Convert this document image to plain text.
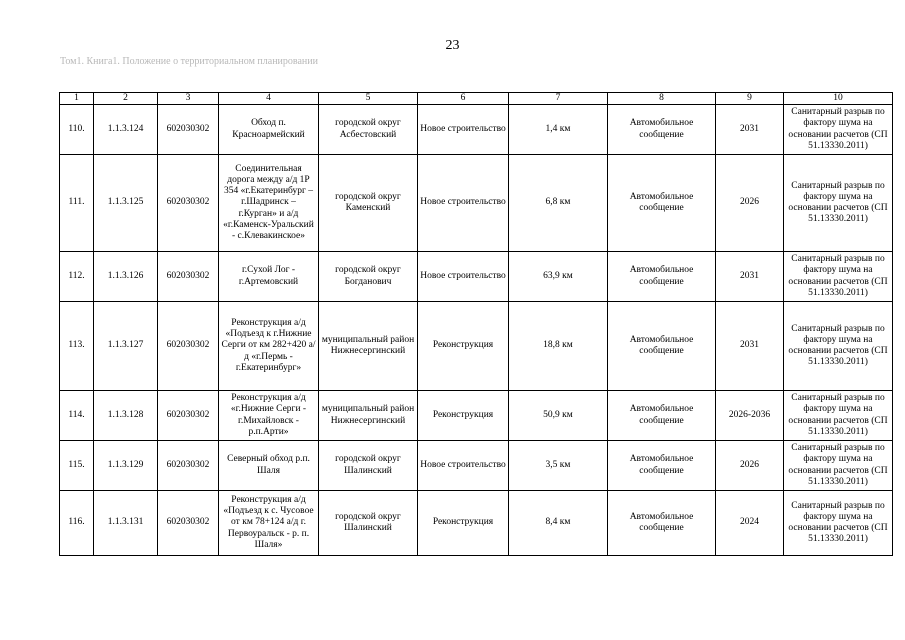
23
Том1. Книга1. Положение о территориальном планировании
1	2	3	4	5	6	7	8	9	10
110.	1.1.3.124	602030302	Обход п. Красноармейский	городской округ Асбестовский	Новое строительство	1,4 км	Автомобильное сообщение	2031	Санитарный разрыв по фактору шума на основании расчетов (СП 51.13330.2011)
111.	1.1.3.125	602030302	Соединительная дорога между а/д 1Р 354 «г.Екатеринбург – г.Шадринск – г.Курган» и а/д «г.Каменск-Уральский - с.Клевакинское»	городской округ Каменский	Новое строительство	6,8 км	Автомобильное сообщение	2026	Санитарный разрыв по фактору шума на основании расчетов (СП 51.13330.2011)
112.	1.1.3.126	602030302	г.Сухой Лог - г.Артемовский	городской округ Богданович	Новое строительство	63,9 км	Автомобильное сообщение	2031	Санитарный разрыв по фактору шума на основании расчетов (СП 51.13330.2011)
113.	1.1.3.127	602030302	Реконструкция а/д «Подъезд к г.Нижние Серги от км 282+420 а/д «г.Пермь - г.Екатеринбург»	муниципальный район Нижнесергинский	Реконструкция	18,8 км	Автомобильное сообщение	2031	Санитарный разрыв по фактору шума на основании расчетов (СП 51.13330.2011)
114.	1.1.3.128	602030302	Реконструкция а/д «г.Нижние Серги - г.Михайловск - р.п.Арти»	муниципальный район Нижнесергинский	Реконструкция	50,9 км	Автомобильное сообщение	2026-2036	Санитарный разрыв по фактору шума на основании расчетов (СП 51.13330.2011)
115.	1.1.3.129	602030302	Северный обход р.п. Шаля	городской округ Шалинский	Новое строительство	3,5 км	Автомобильное сообщение	2026	Санитарный разрыв по фактору шума на основании расчетов (СП 51.13330.2011)
116.	1.1.3.131	602030302	Реконструкция а/д «Подъезд к с. Чусовое от км 78+124 а/д г. Первоуральск - р. п. Шаля»	городской округ Шалинский	Реконструкция	8,4 км	Автомобильное сообщение	2024	Санитарный разрыв по фактору шума на основании расчетов (СП 51.13330.2011)
